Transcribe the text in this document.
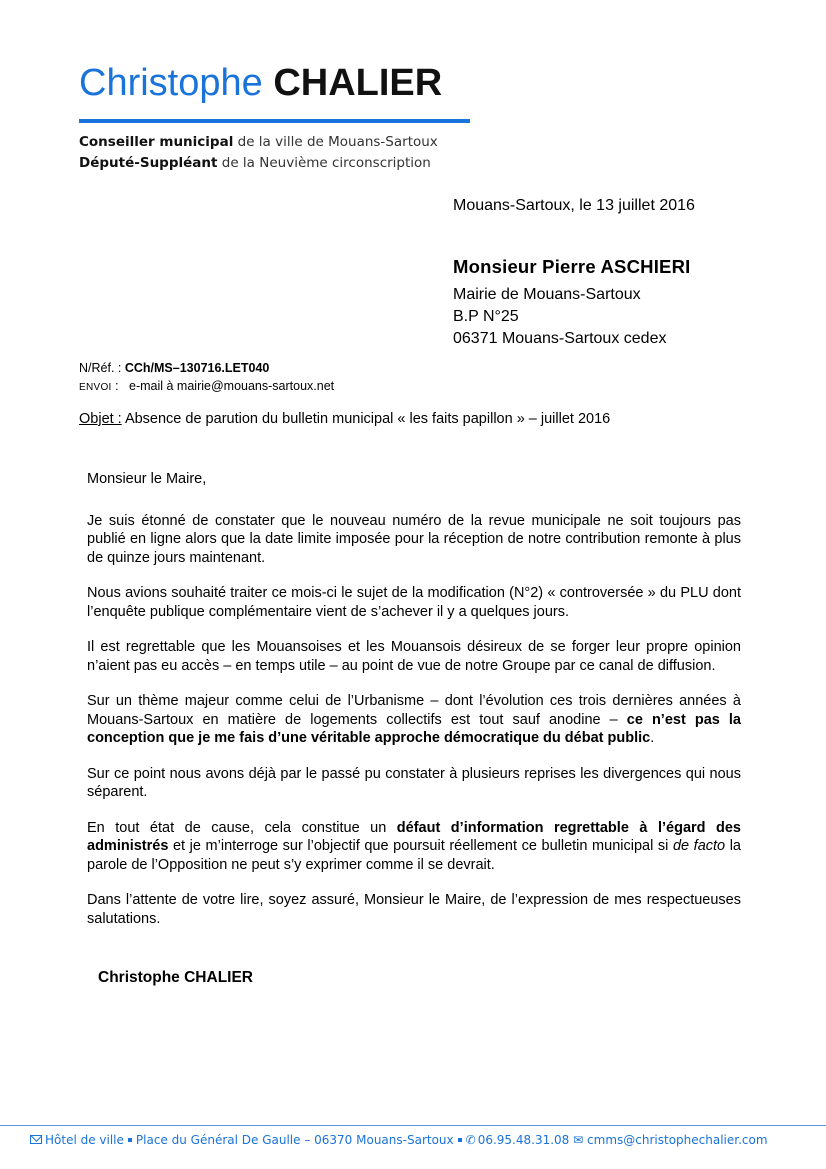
Christophe CHALIER
Conseiller municipal de la ville de Mouans-Sartoux
Député-Suppléant de la Neuvième circonscription
Mouans-Sartoux, le 13 juillet 2016
Monsieur Pierre ASCHIERI
Mairie de Mouans-Sartoux
B.P N°25
06371 Mouans-Sartoux cedex
N/Réf. : CCh/MS–130716.LET040
ENVOI :   e-mail à mairie@mouans-sartoux.net
Objet : Absence de parution du bulletin municipal « les faits papillon » – juillet 2016

Monsieur le Maire,

Je suis étonné de constater que le nouveau numéro de la revue municipale ne soit toujours pas publié en ligne alors que la date limite imposée pour la réception de notre contribution remonte à plus de quinze jours maintenant.

Nous avions souhaité traiter ce mois-ci le sujet de la modification (N°2) « controversée » du PLU dont l’enquête publique complémentaire vient de s’achever il y a quelques jours.

Il est regrettable que les Mouansoises et les Mouansois désireux de se forger leur propre opinion n’aient pas eu accès – en temps utile – au point de vue de notre Groupe par ce canal de diffusion.

Sur un thème majeur comme celui de l’Urbanisme – dont l’évolution ces trois dernières années à Mouans-Sartoux en matière de logements collectifs est tout sauf anodine – ce n’est pas la conception que je me fais d’une véritable approche démocratique du débat public.

Sur ce point nous avons déjà par le passé pu constater à plusieurs reprises les divergences qui nous séparent.

En tout état de cause, cela constitue un défaut d’information regrettable à l’égard des administrés et je m’interroge sur l’objectif que poursuit réellement ce bulletin municipal si de facto la parole de l’Opposition ne peut s’y exprimer comme il se devrait.

Dans l’attente de votre lire, soyez assuré, Monsieur le Maire, de l’expression de mes respectueuses salutations.

Christophe CHALIER
Hôtel de ville Place du Général De Gaulle – 06370 Mouans-Sartoux ✆ 06.95.48.31.08 ✉ cmms@christophechalier.com
